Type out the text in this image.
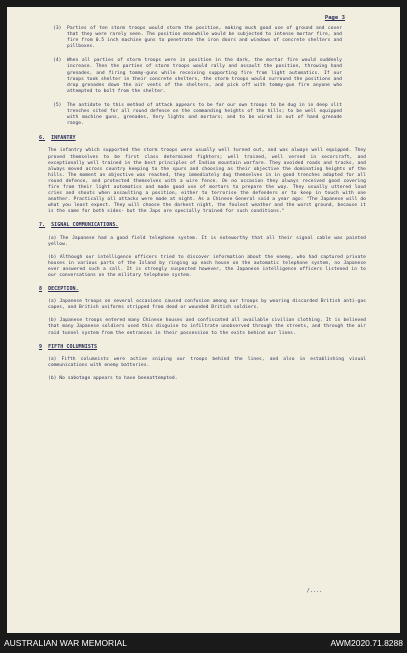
Page 3
(3) Parties of ten storm troops would storm the position, making much good use of ground and cover that they were rarely seen. The position meanwhile would be subjected to intense mortar fire, and fire from 0.5 inch machine guns to penetrate the iron doors and windows of concrete shelters and pillboxes.
(4) When all parties of storm troops were in position in the dark, the mortar fire would suddenly increase. Then the parties of storm troops would rally and assault the position, throwing hand grenades, and firing tommy-guns while receiving supporting fire from light automatics. If our troops took shelter in their concrete shelters, the storm troops would surround the positions and drop grenades down the air vents of the shelters, and pick off with tommy-gun fire anyone who attempted to bolt from the shelter.
(5) The antidote to this method of attack appears to be for our own troops to be dug in in deep slit trenches sited for all round defence on the commanding heights of the hills; to be well equipped with machine guns, grenades, Very lights and mortars; and to be wired in out of hand grenade range.
6. INFANTRY

The infantry which supported the storm troops were usually well turned out, and was always well equipped. They proved themselves to be first class determined fighters; well trained, well versed in secnrcraft, and exceptionally well trained in the best principles of Indian mountain warfare. They avoided roads and tracks, and always moved across country keeping to the spurs and choosing as their objective the dominating heights of the hills. The moment an objective was reached, they immediately dug themselves in in good trenches adapted for all round defence, and protected themselves with a wire fence. On no occasion they always received good covering fire from their light automatics and made good use of mortars to prepare the way. They usually uttered loud cries and shouts when assaulting a position, either to terrorise the defenders or to keep in touch with one another. Practically all attacks were made at night. As a Chinese General said a year ago: "The Japanese will do what you least expect. They will choose the darkest night, the foulest weather and the worst ground, because it is the same for both sides- but the Japs are specially trained for such conditions."

7. SIGNAL COMMUNICATIONS.

(a) The Japanese had a good field telephone system. It is noteworthy that all their signal cable was painted yellow.

(b) Although our intelligence officers tried to discover information about the enemy, who had captured private houses in various parts of the Island by ringing up each house on the automatic telephone system, no Japanese ever answered such a call. It is strongly suspected however, the Japanese intelligence officers listened in to our conversations on the military telephone system.

8 DECEPTION.

(a) Japanese troops on several occasions caused confusion among our troops by wearing discarded British anti-gas capes, and British uniforms stripped from dead or wounded British soldiers.

(b) Japanese troops entered many Chinese houses and confiscated all available civilian clothing. It is believed that many Japanese soldiers used this disguise to infiltrate unobserved through the streets, and through the air raid tunnel system from the entrances in their possession to the exits behind our lines.

9 FIFTH COLUMNISTS

(a) Fifth columnists were active sniping our troops behind the lines, and also in establishing visual communications with enemy batteries.

(b) No sabotage appears to have beenattempted.

/....
AUSTRALIAN WAR MEMORIAL	AWM2020.71.8288
